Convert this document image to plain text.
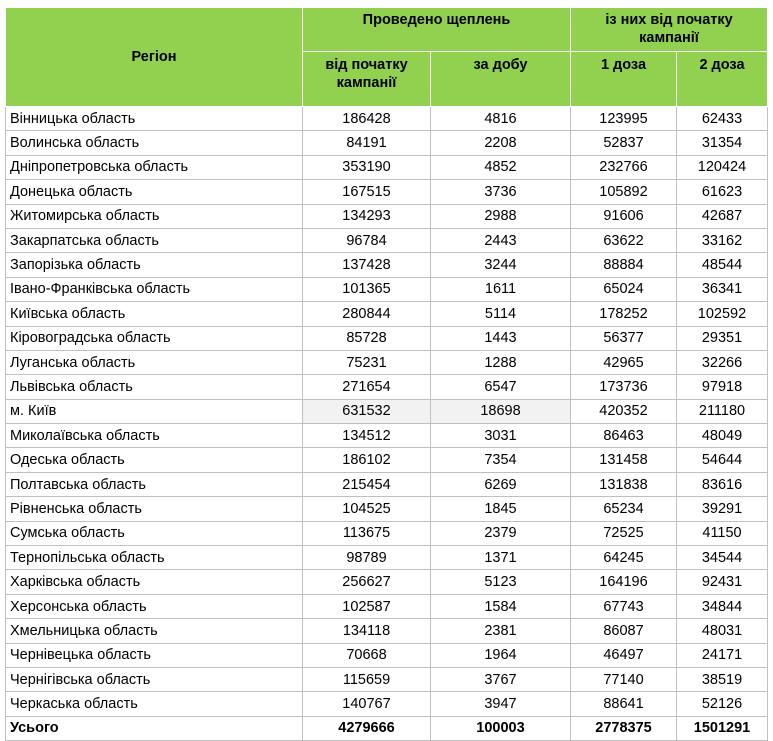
Регіон	Проведено щеплень		із них від початку кампанії	
	від початку кампанії	за добу	1 доза	2 доза
Вінницька область	186428	4816	123995	62433
Волинська область	84191	2208	52837	31354
Дніпропетровська область	353190	4852	232766	120424
Донецька область	167515	3736	105892	61623
Житомирська область	134293	2988	91606	42687
Закарпатська область	96784	2443	63622	33162
Запорізька область	137428	3244	88884	48544
Івано-Франківська область	101365	1611	65024	36341
Київська область	280844	5114	178252	102592
Кіровоградська область	85728	1443	56377	29351
Луганська область	75231	1288	42965	32266
Львівська область	271654	6547	173736	97918
м. Київ	631532	18698	420352	211180
Миколаївська область	134512	3031	86463	48049
Одеська область	186102	7354	131458	54644
Полтавська область	215454	6269	131838	83616
Рівненська область	104525	1845	65234	39291
Сумська область	113675	2379	72525	41150
Тернопільська область	98789	1371	64245	34544
Харківська область	256627	5123	164196	92431
Херсонська область	102587	1584	67743	34844
Хмельницька область	134118	2381	86087	48031
Чернівецька область	70668	1964	46497	24171
Чернігівська область	115659	3767	77140	38519
Черкаська область	140767	3947	88641	52126
Усього	4279666	100003	2778375	1501291
